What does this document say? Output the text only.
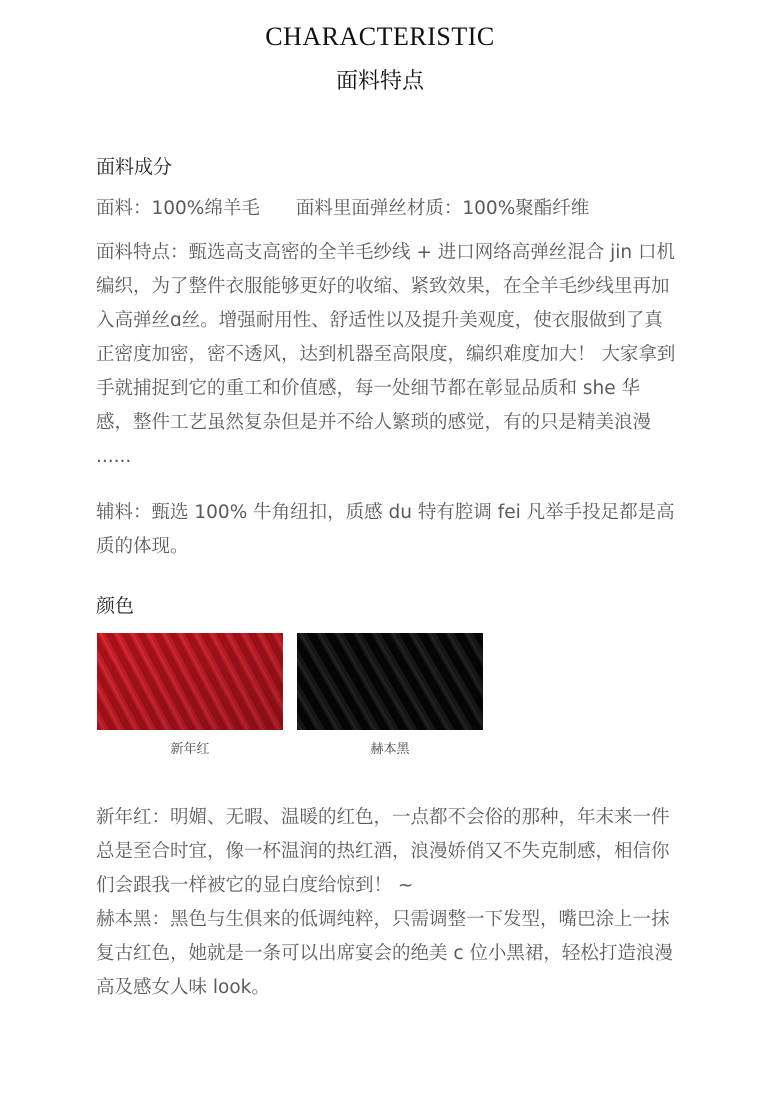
CHARACTERISTIC
面料特点
面料成分
面料：100%绵羊毛 面料里面弹丝材质：100%聚酯纤维
面料特点：甄选高支高密的全羊毛纱线 + 进口网络高弹丝混合 jin 口机编织，为了整件衣服能够更好的收缩、紧致效果，在全羊毛纱线里再加入高弹丝ɑ丝。增强耐用性、舒适性以及提升美观度，使衣服做到了真正密度加密，密不透风，达到机器至高限度，编织难度加大！ 大家拿到手就捕捉到它的重工和价值感，每一处细节都在彰显品质和 she 华感，整件工艺虽然复杂但是并不给人繁琐的感觉，有的只是精美浪漫 ......
辅料：甄选 100% 牛角纽扣，质感 du 特有腔调 fei 凡举手投足都是高质的体现。
颜色
新年红	赫本黑
新年红：明媚、无暇、温暖的红色，一点都不会俗的那种，年末来一件总是至合时宜，像一杯温润的热红酒，浪漫娇俏又不失克制感，相信你们会跟我一样被它的显白度给惊到！ ~
赫本黑：黑色与生俱来的低调纯粹，只需调整一下发型，嘴巴涂上一抹复古红色，她就是一条可以出席宴会的绝美 c 位小黑裙，轻松打造浪漫高及感女人味 look。
